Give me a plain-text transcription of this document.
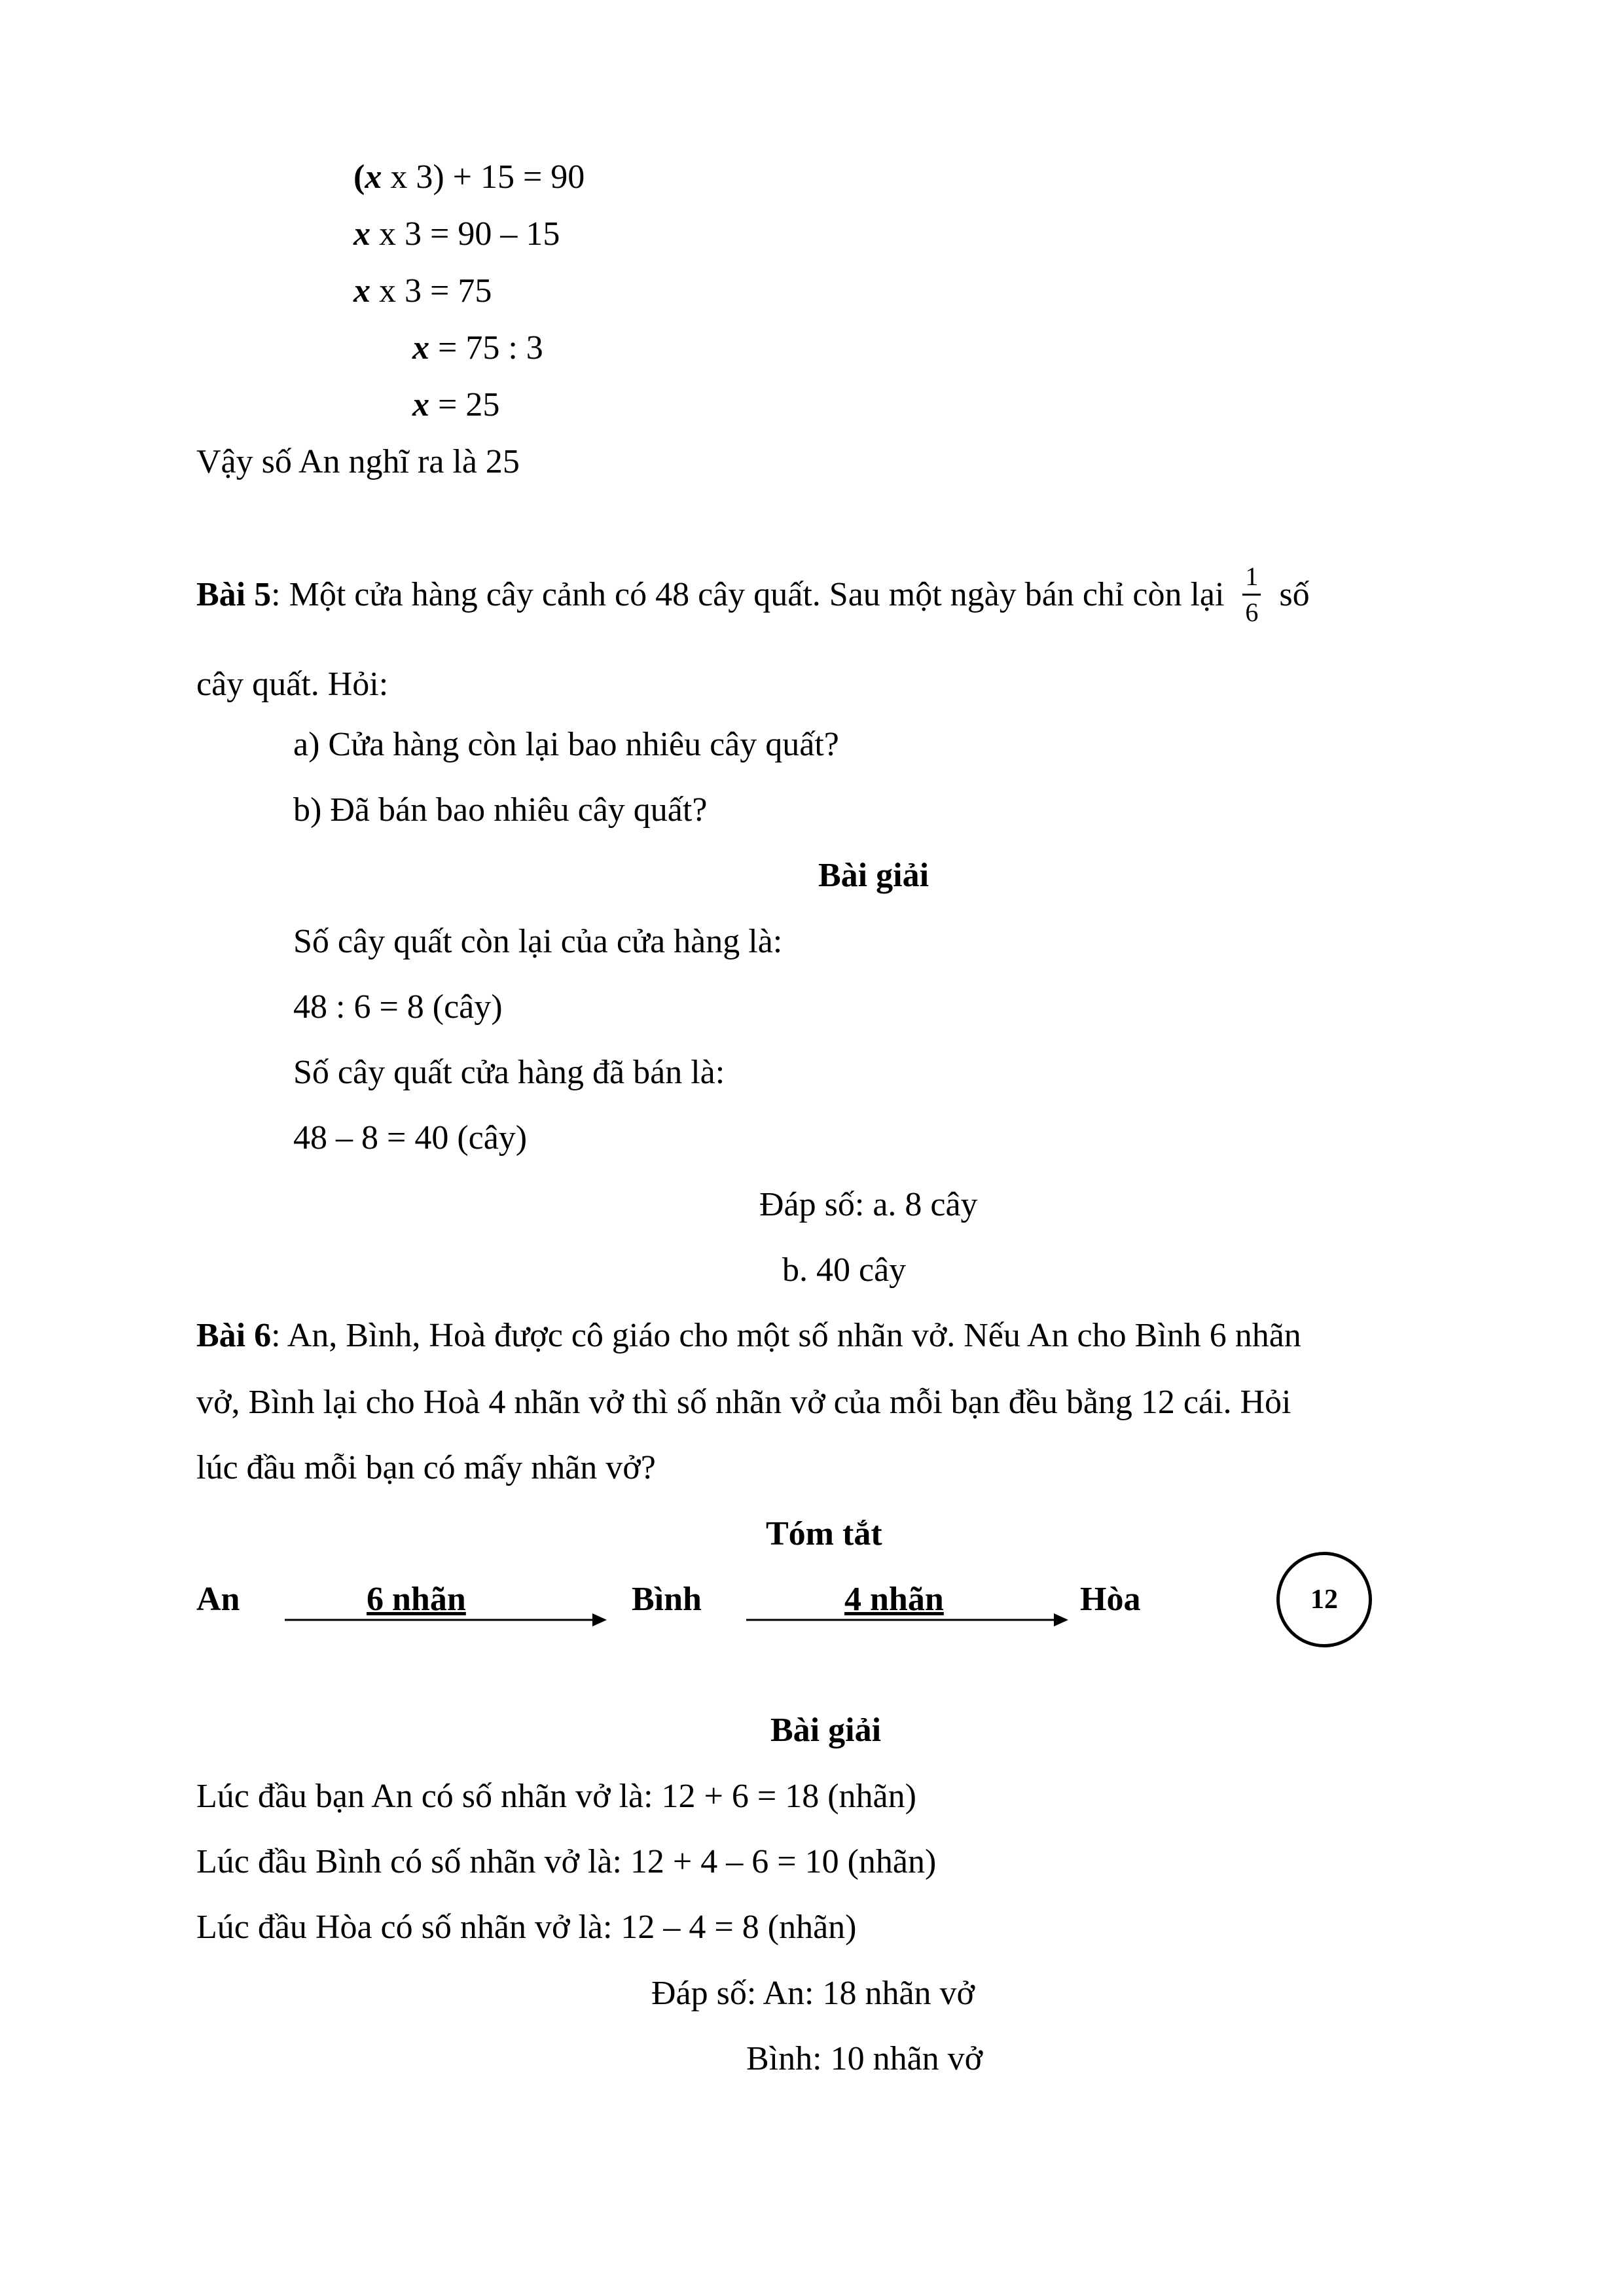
(x x 3) + 15 = 90
x x 3 = 90 – 15
x x 3 = 75
x = 75 : 3
x = 25
Vậy số An nghĩ ra là 25
Bài 5 : Một cửa hàng cây cảnh có 48 cây quất. Sau một ngày bán chỉ còn lại $\frac{1}{6}$ số
cây quất. Hỏi:
a) Cửa hàng còn lại bao nhiêu cây quất?
b) Đã bán bao nhiêu cây quất?
Bài giải
Số cây quất còn lại của cửa hàng là:
48 : 6 = 8 (cây)
Số cây quất cửa hàng đã bán là:
48 – 8 = 40 (cây)
Đáp số: a. 8 cây
b. 40 cây
Bài 6: An, Bình, Hoà được cô giáo cho một số nhãn vở. Nếu An cho Bình 6 nhãn
vở, Bình lại cho Hoà 4 nhãn vở thì số nhãn vở của mỗi bạn đều bằng 12 cái. Hỏi
lúc đầu mỗi bạn có mấy nhãn vở?
Tóm tắt
An	6 nhãn	Bình	4 nhãn	Hòa	12
Bài giải
Lúc đầu bạn An có số nhãn vở là: 12 + 6 = 18 (nhãn)
Lúc đầu Bình có số nhãn vở là: 12 + 4 – 6 = 10 (nhãn)
Lúc đầu Hòa có số nhãn vở là: 12 – 4 = 8 (nhãn)
Đáp số: An: 18 nhãn vở
Bình: 10 nhãn vở
